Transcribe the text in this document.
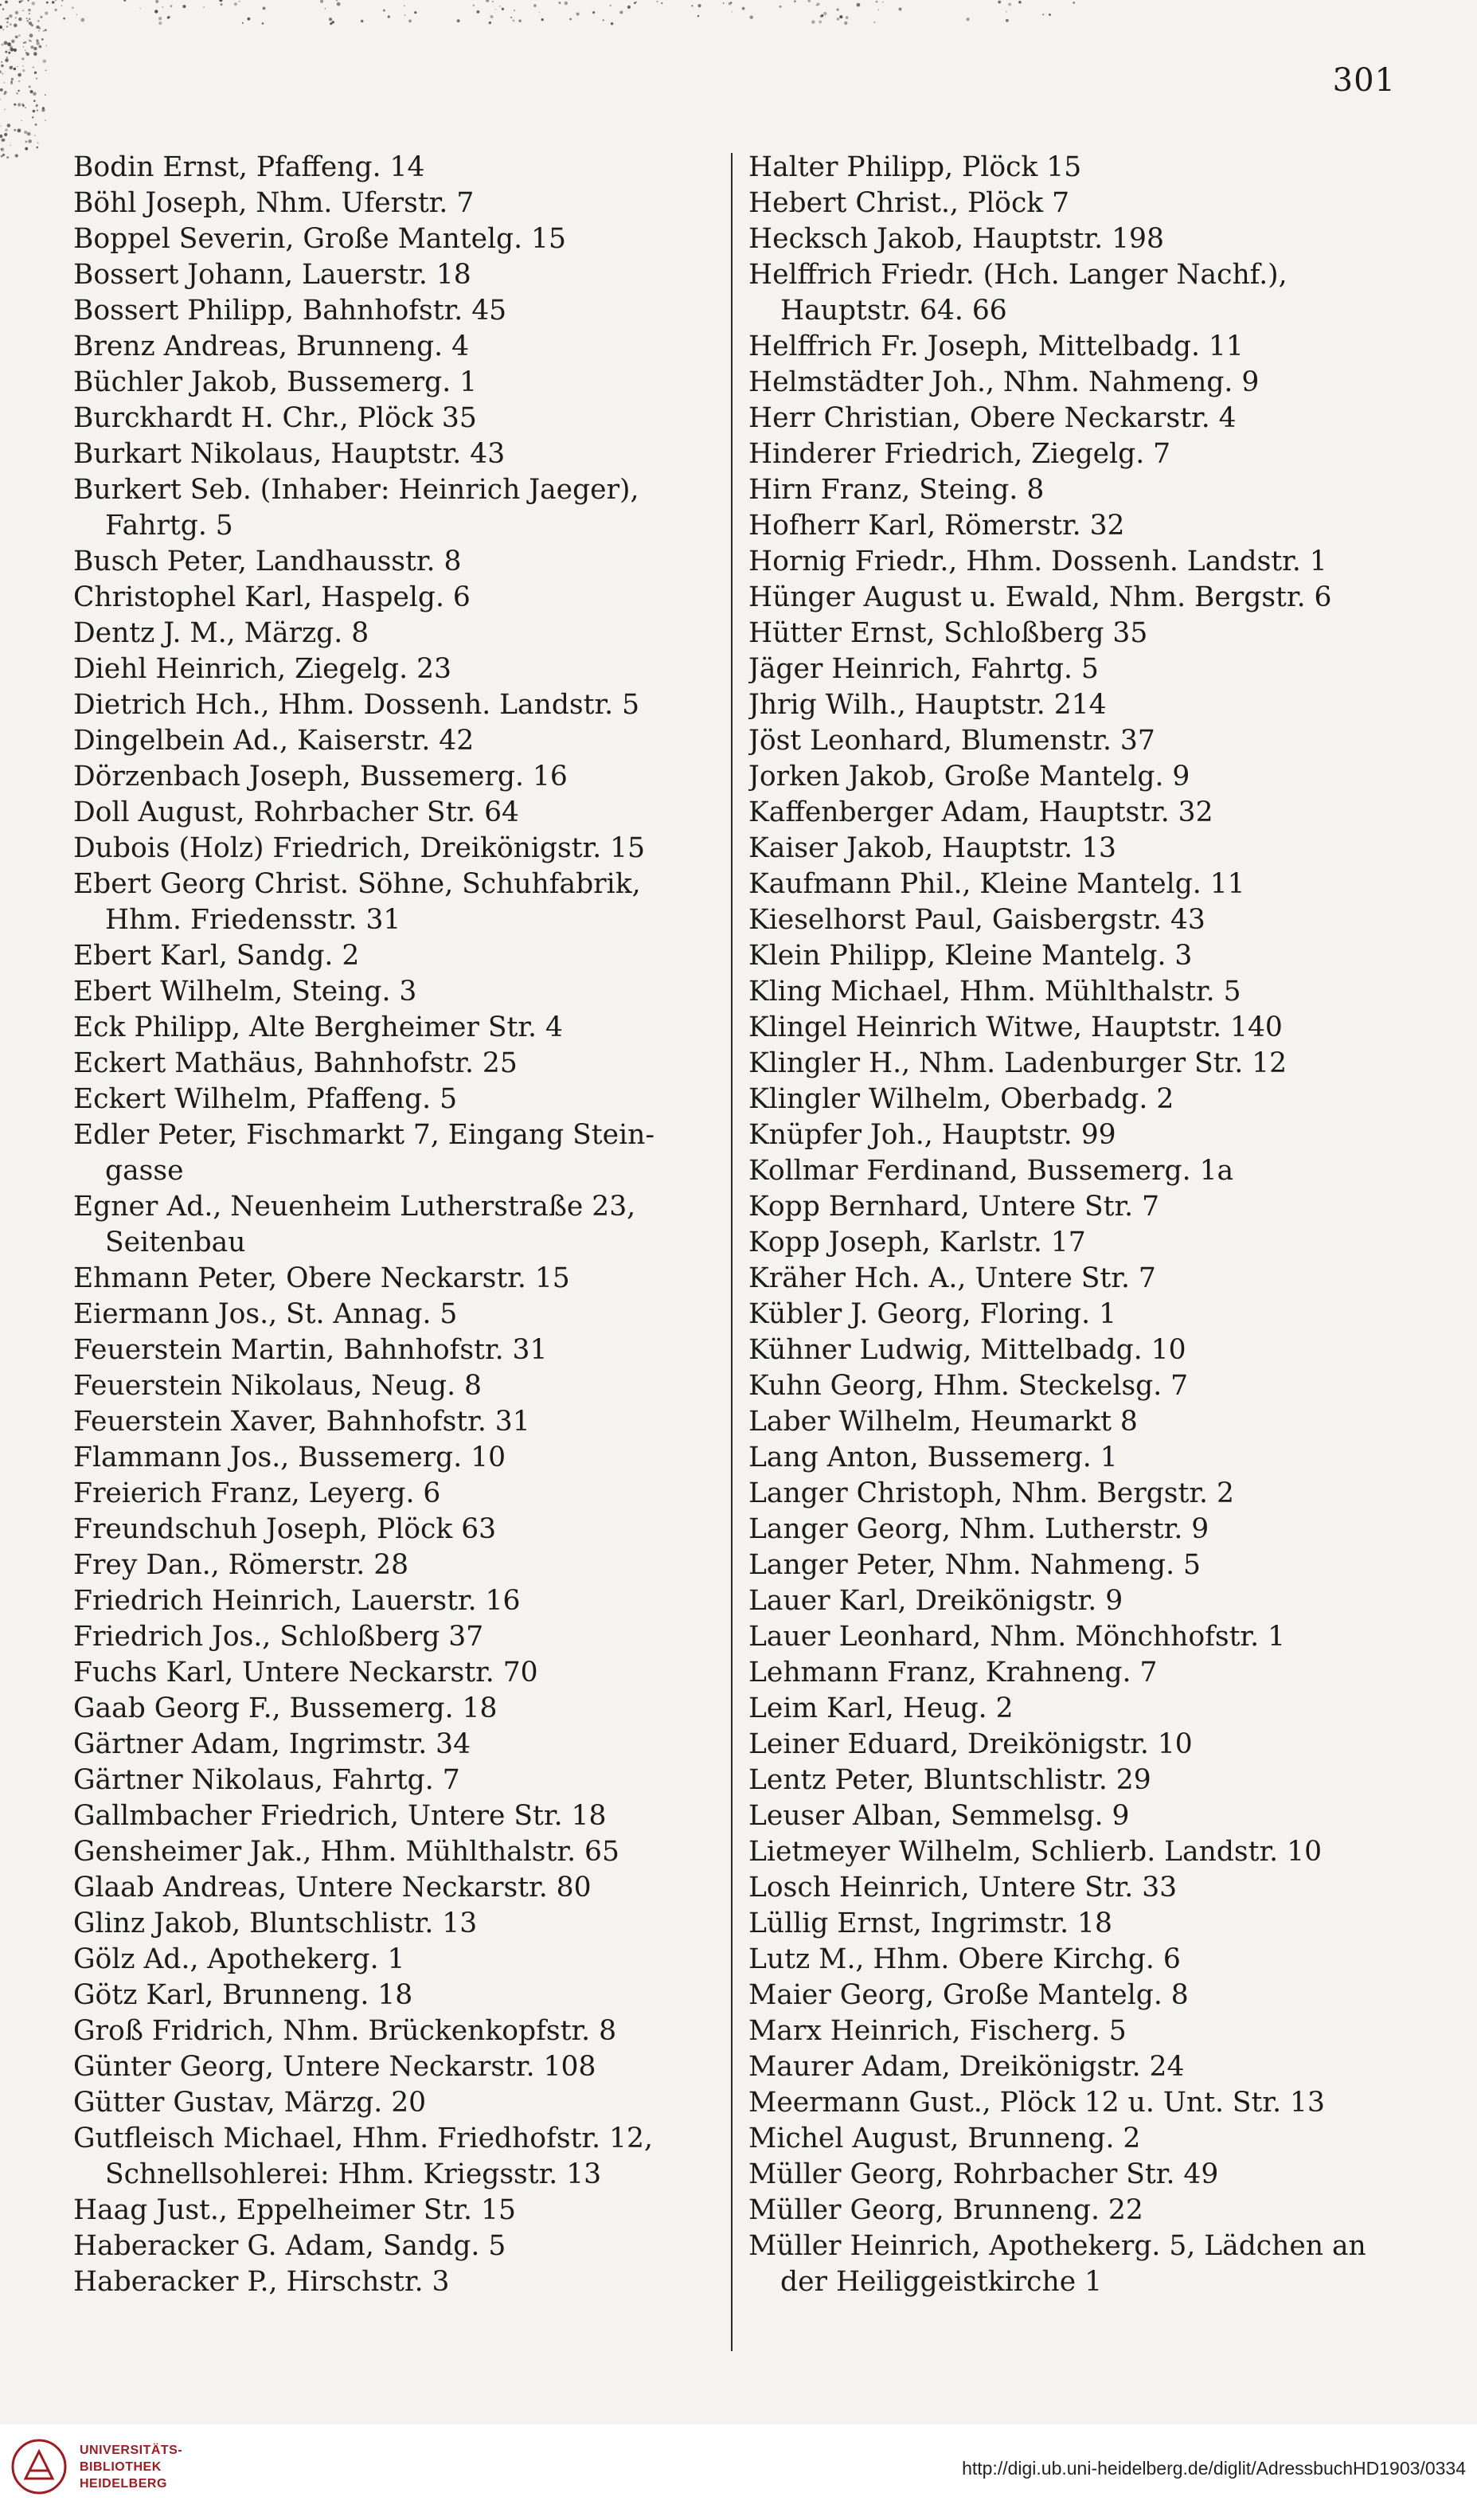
301
Bodin Ernst, Pfaffeng. 14
Böhl Joseph, Nhm. Uferstr. 7
Boppel Severin, Große Mantelg. 15
Bossert Johann, Lauerstr. 18
Bossert Philipp, Bahnhofstr. 45
Brenz Andreas, Brunneng. 4
Büchler Jakob, Bussemerg. 1
Burckhardt H. Chr., Plöck 35
Burkart Nikolaus, Hauptstr. 43
Burkert Seb. (Inhaber: Heinrich Jaeger),
Fahrtg. 5
Busch Peter, Landhausstr. 8
Christophel Karl, Haspelg. 6
Dentz J. M., Märzg. 8
Diehl Heinrich, Ziegelg. 23
Dietrich Hch., Hhm. Dossenh. Landstr. 5
Dingelbein Ad., Kaiserstr. 42
Dörzenbach Joseph, Bussemerg. 16
Doll August, Rohrbacher Str. 64
Dubois (Holz) Friedrich, Dreikönigstr. 15
Ebert Georg Christ. Söhne, Schuhfabrik,
Hhm. Friedensstr. 31
Ebert Karl, Sandg. 2
Ebert Wilhelm, Steing. 3
Eck Philipp, Alte Bergheimer Str. 4
Eckert Mathäus, Bahnhofstr. 25
Eckert Wilhelm, Pfaffeng. 5
Edler Peter, Fischmarkt 7, Eingang Stein-
gasse
Egner Ad., Neuenheim Lutherstraße 23,
Seitenbau
Ehmann Peter, Obere Neckarstr. 15
Eiermann Jos., St. Annag. 5
Feuerstein Martin, Bahnhofstr. 31
Feuerstein Nikolaus, Neug. 8
Feuerstein Xaver, Bahnhofstr. 31
Flammann Jos., Bussemerg. 10
Freierich Franz, Leyerg. 6
Freundschuh Joseph, Plöck 63
Frey Dan., Römerstr. 28
Friedrich Heinrich, Lauerstr. 16
Friedrich Jos., Schloßberg 37
Fuchs Karl, Untere Neckarstr. 70
Gaab Georg F., Bussemerg. 18
Gärtner Adam, Ingrimstr. 34
Gärtner Nikolaus, Fahrtg. 7
Gallmbacher Friedrich, Untere Str. 18
Gensheimer Jak., Hhm. Mühlthalstr. 65
Glaab Andreas, Untere Neckarstr. 80
Glinz Jakob, Bluntschlistr. 13
Gölz Ad., Apothekerg. 1
Götz Karl, Brunneng. 18
Groß Fridrich, Nhm. Brückenkopfstr. 8
Günter Georg, Untere Neckarstr. 108
Gütter Gustav, Märzg. 20
Gutfleisch Michael, Hhm. Friedhofstr. 12,
Schnellsohlerei: Hhm. Kriegsstr. 13
Haag Just., Eppelheimer Str. 15
Haberacker G. Adam, Sandg. 5
Haberacker P., Hirschstr. 3
Halter Philipp, Plöck 15
Hebert Christ., Plöck 7
Hecksch Jakob, Hauptstr. 198
Helffrich Friedr. (Hch. Langer Nachf.),
Hauptstr. 64. 66
Helffrich Fr. Joseph, Mittelbadg. 11
Helmstädter Joh., Nhm. Nahmeng. 9
Herr Christian, Obere Neckarstr. 4
Hinderer Friedrich, Ziegelg. 7
Hirn Franz, Steing. 8
Hofherr Karl, Römerstr. 32
Hornig Friedr., Hhm. Dossenh. Landstr. 1
Hünger August u. Ewald, Nhm. Bergstr. 6
Hütter Ernst, Schloßberg 35
Jäger Heinrich, Fahrtg. 5
Jhrig Wilh., Hauptstr. 214
Jöst Leonhard, Blumenstr. 37
Jorken Jakob, Große Mantelg. 9
Kaffenberger Adam, Hauptstr. 32
Kaiser Jakob, Hauptstr. 13
Kaufmann Phil., Kleine Mantelg. 11
Kieselhorst Paul, Gaisbergstr. 43
Klein Philipp, Kleine Mantelg. 3
Kling Michael, Hhm. Mühlthalstr. 5
Klingel Heinrich Witwe, Hauptstr. 140
Klingler H., Nhm. Ladenburger Str. 12
Klingler Wilhelm, Oberbadg. 2
Knüpfer Joh., Hauptstr. 99
Kollmar Ferdinand, Bussemerg. 1a
Kopp Bernhard, Untere Str. 7
Kopp Joseph, Karlstr. 17
Kräher Hch. A., Untere Str. 7
Kübler J. Georg, Floring. 1
Kühner Ludwig, Mittelbadg. 10
Kuhn Georg, Hhm. Steckelsg. 7
Laber Wilhelm, Heumarkt 8
Lang Anton, Bussemerg. 1
Langer Christoph, Nhm. Bergstr. 2
Langer Georg, Nhm. Lutherstr. 9
Langer Peter, Nhm. Nahmeng. 5
Lauer Karl, Dreikönigstr. 9
Lauer Leonhard, Nhm. Mönchhofstr. 1
Lehmann Franz, Krahneng. 7
Leim Karl, Heug. 2
Leiner Eduard, Dreikönigstr. 10
Lentz Peter, Bluntschlistr. 29
Leuser Alban, Semmelsg. 9
Lietmeyer Wilhelm, Schlierb. Landstr. 10
Losch Heinrich, Untere Str. 33
Lüllig Ernst, Ingrimstr. 18
Lutz M., Hhm. Obere Kirchg. 6
Maier Georg, Große Mantelg. 8
Marx Heinrich, Fischerg. 5
Maurer Adam, Dreikönigstr. 24
Meermann Gust., Plöck 12 u. Unt. Str. 13
Michel August, Brunneng. 2
Müller Georg, Rohrbacher Str. 49
Müller Georg, Brunneng. 22
Müller Heinrich, Apothekerg. 5, Lädchen an
der Heiliggeistkirche 1
UNIVERSITÄTS-
BIBLIOTHEK
HEIDELBERG
http://digi.ub.uni-heidelberg.de/diglit/AdressbuchHD1903/0334
